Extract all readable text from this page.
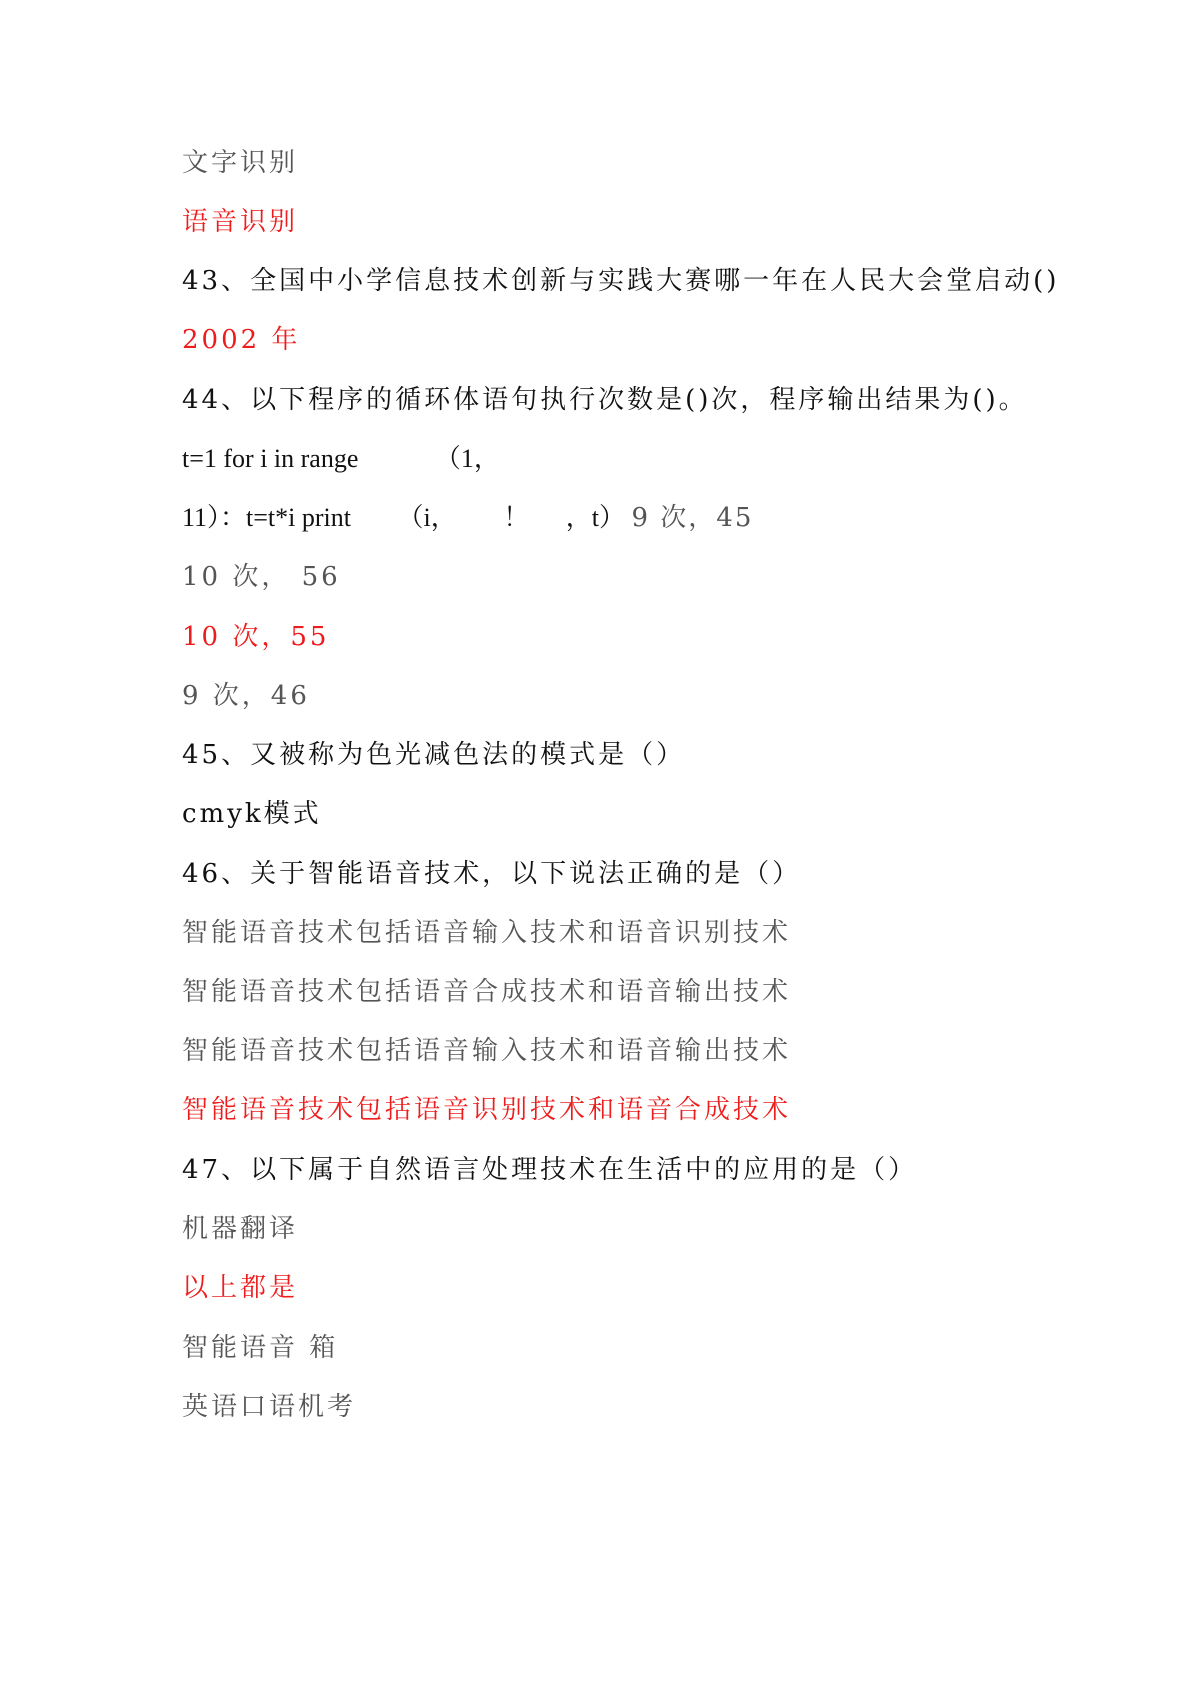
文字识别
语音识别
43、全国中小学信息技术创新与实践大赛哪一年在人民大会堂启动()
2002 年
44、以下程序的循环体语句执行次数是()次，程序输出结果为()。
t=1 for i in range	（1，
11）：t=t*i print （i， ！ ，t） 9 次，45
10 次， 56
10 次，55
9 次，46
45、又被称为色光减色法的模式是（）
cmyk模式
46、关于智能语音技术，以下说法正确的是（）
智能语音技术包括语音输入技术和语音识别技术
智能语音技术包括语音合成技术和语音输出技术
智能语音技术包括语音输入技术和语音输出技术
智能语音技术包括语音识别技术和语音合成技术
47、以下属于自然语言处理技术在生活中的应用的是（）
机器翻译
以上都是
智能语音 箱
英语口语机考
